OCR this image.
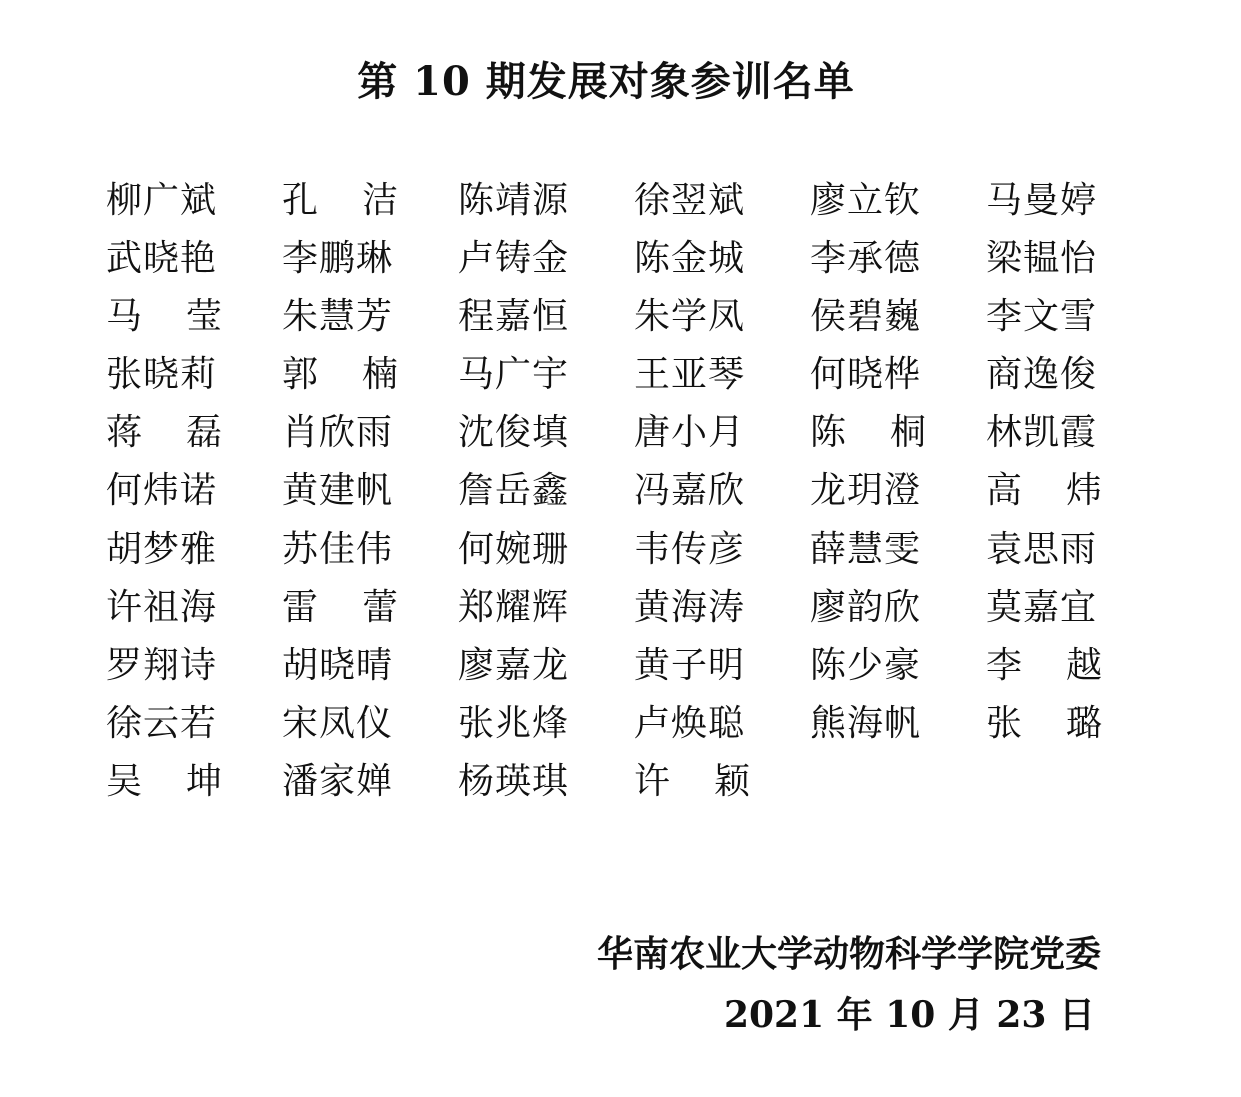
第 10 期发展对象参训名单
柳广斌 孔 洁 陈靖源 徐翌斌 廖立钦 马曼婷
武晓艳 李鹏琳 卢铸金 陈金城 李承德 梁韫怡
马 莹 朱慧芳 程嘉恒 朱学凤 侯碧巍 李文雪
张晓莉 郭 楠 马广宇 王亚琴 何晓桦 商逸俊
蒋 磊 肖欣雨 沈俊填 唐小月 陈 桐 林凯霞
何炜诺 黄建帆 詹岳鑫 冯嘉欣 龙玥澄 高 炜
胡梦雅 苏佳伟 何婉珊 韦传彦 薛慧雯 袁思雨
许祖海 雷 蕾 郑耀辉 黄海涛 廖韵欣 莫嘉宜
罗翔诗 胡晓晴 廖嘉龙 黄子明 陈少豪 李 越
徐云若 宋凤仪 张兆烽 卢焕聪 熊海帆 张 璐
吴 坤 潘家婵 杨瑛琪 许 颖
华南农业大学动物科学学院党委
2021 年 10 月 23 日
